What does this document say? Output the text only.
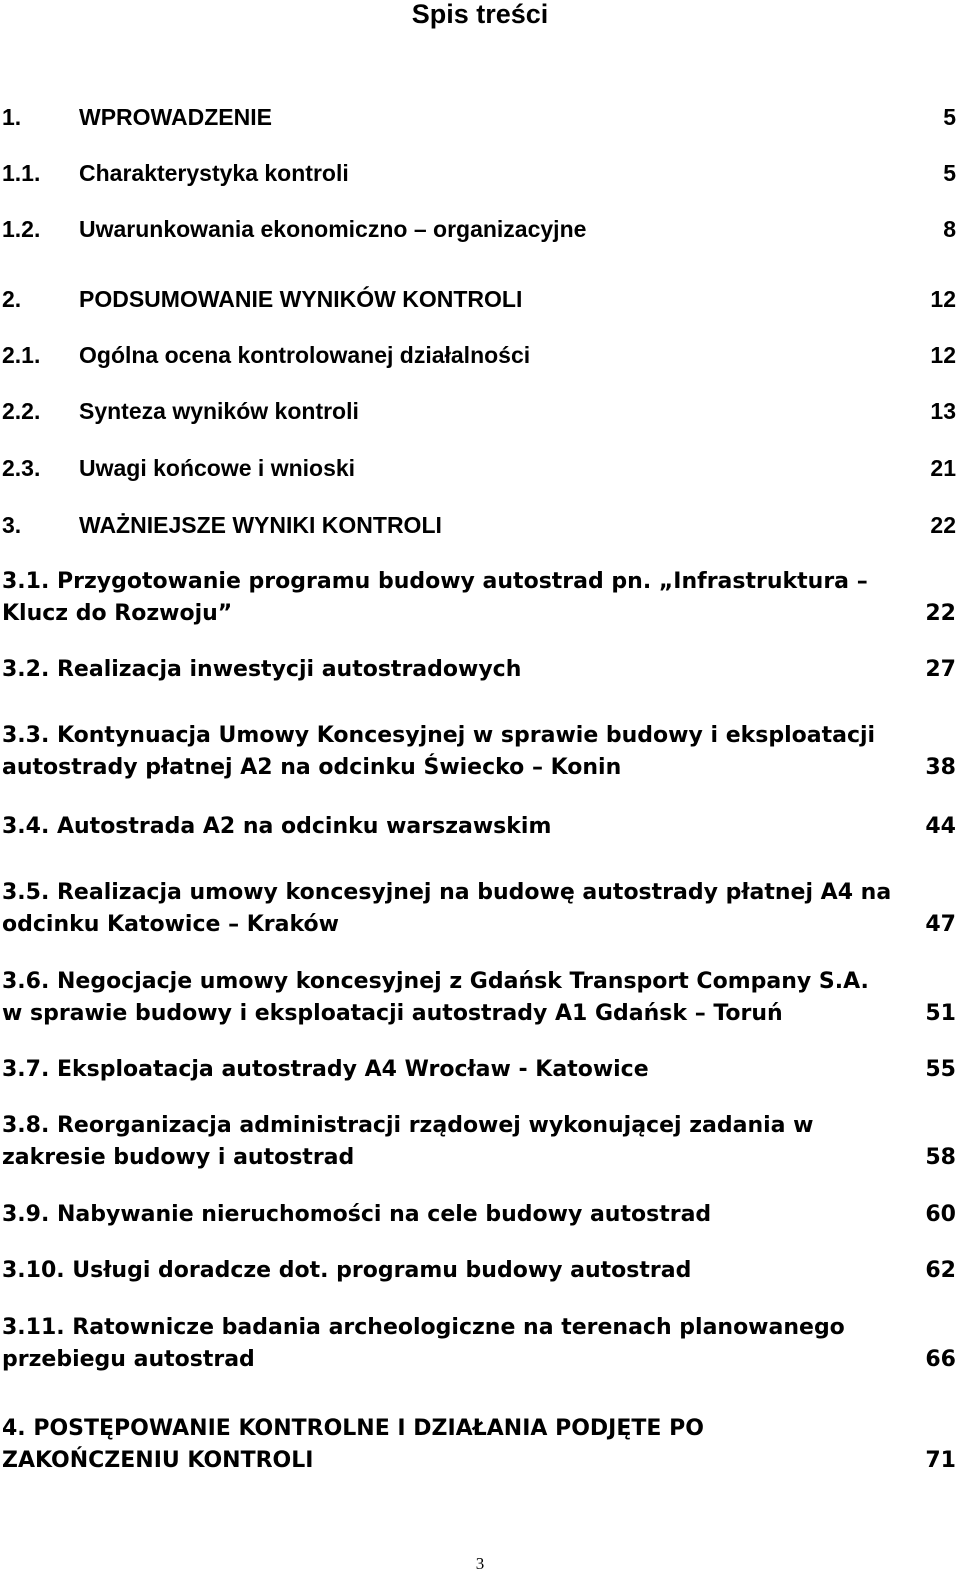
Spis treści
1.	WPROWADZENIE	5
1.1. Charakterystyka kontroli	5
1.2. Uwarunkowania ekonomiczno – organizacyjne	8
2.	PODSUMOWANIE WYNIKÓW KONTROLI	12
2.1. Ogólna ocena kontrolowanej działalności	12
2.2. Synteza wyników kontroli	13
2.3. Uwagi końcowe i wnioski	21
3.	WAŻNIEJSZE WYNIKI KONTROLI	22
3.1. Przygotowanie programu budowy autostrad pn. „Infrastruktura –
Klucz do Rozwoju”	22
3.2. Realizacja inwestycji autostradowych	27
3.3. Kontynuacja Umowy Koncesyjnej w sprawie budowy i eksploatacji
autostrady płatnej A2 na odcinku Świecko – Konin	38
3.4. Autostrada A2 na odcinku warszawskim	44
3.5. Realizacja umowy koncesyjnej na budowę autostrady płatnej A4 na
odcinku Katowice – Kraków	47
3.6. Negocjacje umowy koncesyjnej z Gdańsk Transport Company S.A.
w sprawie budowy i eksploatacji autostrady A1 Gdańsk – Toruń	51
3.7. Eksploatacja autostrady A4 Wrocław - Katowice	55
3.8. Reorganizacja administracji rządowej wykonującej zadania w
zakresie budowy i autostrad	58
3.9. Nabywanie nieruchomości na cele budowy autostrad	60
3.10. Usługi doradcze dot. programu budowy autostrad	62
3.11. Ratownicze badania archeologiczne na terenach planowanego
przebiegu autostrad	66
4. POSTĘPOWANIE KONTROLNE I DZIAŁANIA PODJĘTE PO
ZAKOŃCZENIU KONTROLI	71
3
